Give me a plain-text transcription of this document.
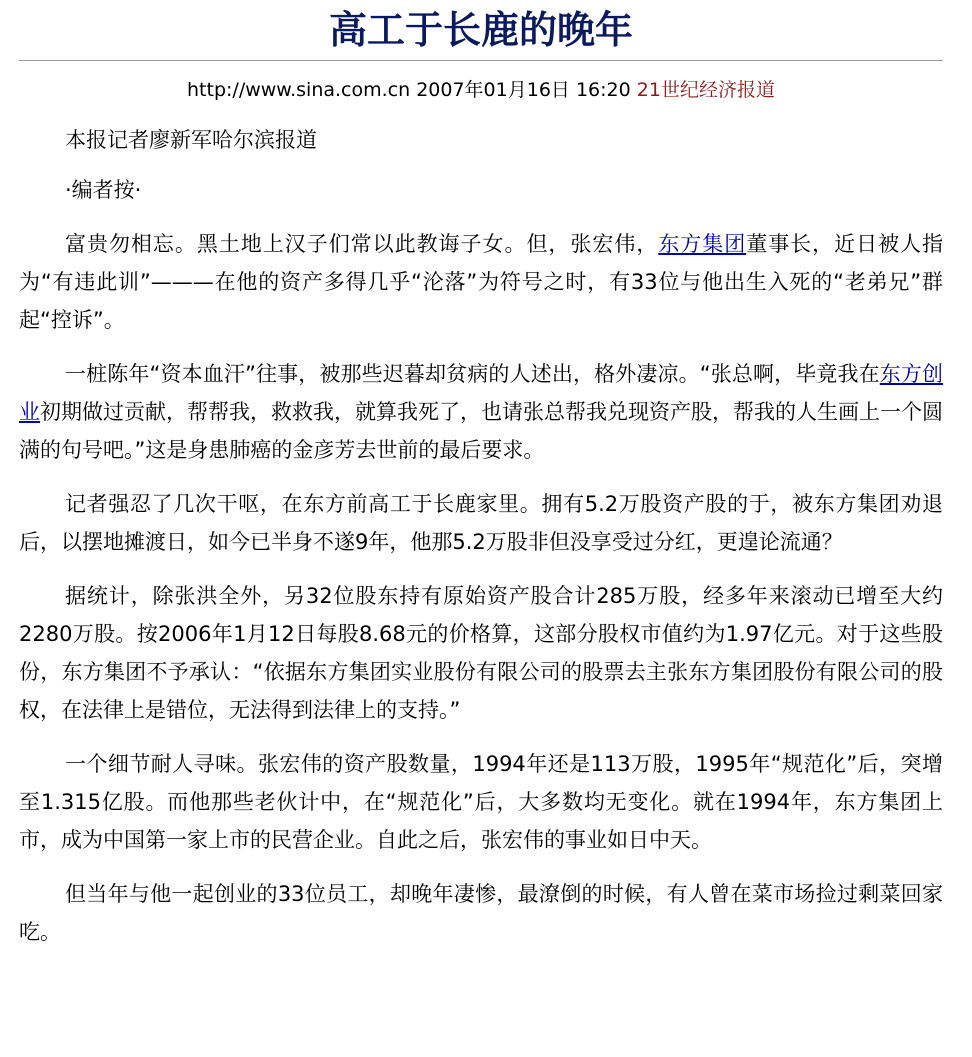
高工于长鹿的晚年
http://www.sina.com.cn 2007年01月16日 16:20 21世纪经济报道

本报记者廖新军哈尔滨报道

·编者按·

富贵勿相忘。黑土地上汉子们常以此教诲子女。但，张宏伟，东方集团董事长，近日被人指为“有违此训”———在他的资产多得几乎“沦落”为符号之时，有33位与他出生入死的“老弟兄”群起“控诉”。

一桩陈年“资本血汗”往事，被那些迟暮却贫病的人述出，格外凄凉。“张总啊，毕竟我在东方创业初期做过贡献，帮帮我，救救我，就算我死了，也请张总帮我兑现资产股，帮我的人生画上一个圆满的句号吧。”这是身患肺癌的金彦芳去世前的最后要求。

记者强忍了几次干呕，在东方前高工于长鹿家里。拥有5.2万股资产股的于，被东方集团劝退后，以摆地摊渡日，如今已半身不遂9年，他那5.2万股非但没享受过分红，更遑论流通？

据统计，除张洪全外，另32位股东持有原始资产股合计285万股，经多年来滚动已增至大约2280万股。按2006年1月12日每股8.68元的价格算，这部分股权市值约为1.97亿元。对于这些股份，东方集团不予承认：“依据东方集团实业股份有限公司的股票去主张东方集团股份有限公司的股权，在法律上是错位，无法得到法律上的支持。”

一个细节耐人寻味。张宏伟的资产股数量，1994年还是113万股，1995年“规范化”后，突增至1.315亿股。而他那些老伙计中，在“规范化”后，大多数均无变化。就在1994年，东方集团上市，成为中国第一家上市的民营企业。自此之后，张宏伟的事业如日中天。

但当年与他一起创业的33位员工，却晚年凄惨，最潦倒的时候，有人曾在菜市场捡过剩菜回家吃。
